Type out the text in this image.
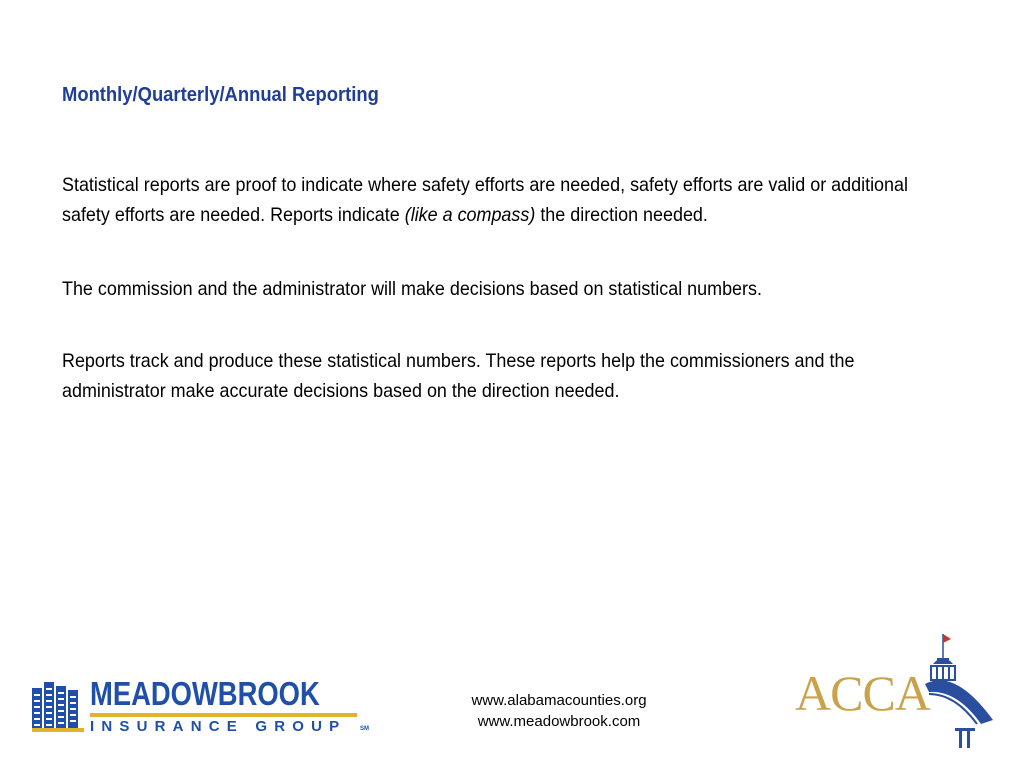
Monthly/Quarterly/Annual Reporting
Statistical reports are proof to indicate where safety efforts are needed, safety efforts are valid or additional safety efforts are needed. Reports indicate (like a compass) the direction needed.
The commission and the administrator will make decisions based on statistical numbers.
Reports track and produce these statistical numbers. These reports help the commissioners and the administrator make accurate decisions based on the direction needed.
MEADOWBROOK
INSURANCE GROUP SM
www.alabamacounties.org
www.meadowbrook.com
ACCA
